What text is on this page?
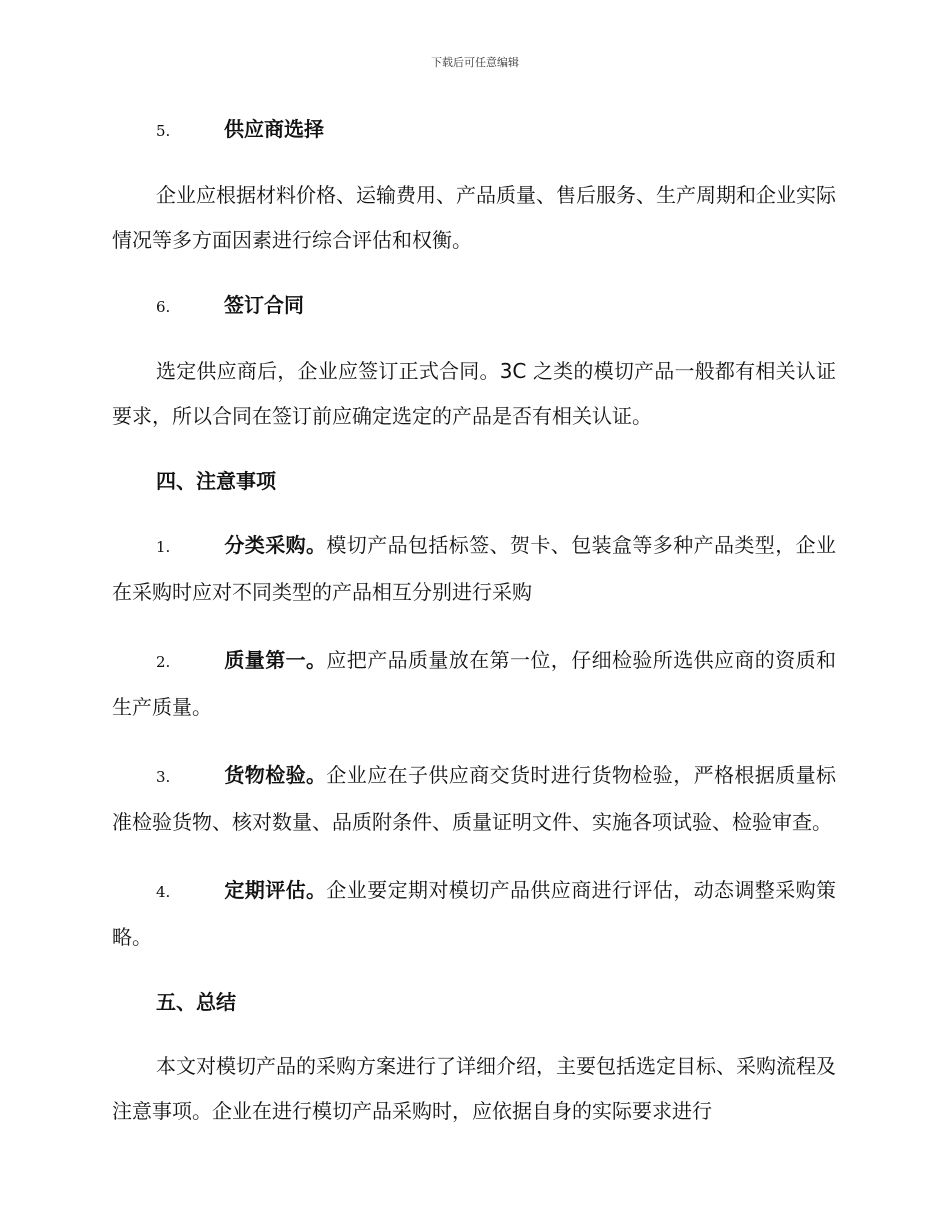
下载后可任意编辑
5.	供应商选择

企业应根据材料价格、运输费用、产品质量、售后服务、生产周期和企业实际情况等多方面因素进行综合评估和权衡。

6.	签订合同

选定供应商后，企业应签订正式合同。3C 之类的模切产品一般都有相关认证要求，所以合同在签订前应确定选定的产品是否有相关认证。

四、注意事项

1.	分类采购。模切产品包括标签、贺卡、包装盒等多种产品类型，企业在采购时应对不同类型的产品相互分别进行采购

2.	质量第一。应把产品质量放在第一位，仔细检验所选供应商的资质和生产质量。

3.	货物检验。企业应在子供应商交货时进行货物检验，严格根据质量标准检验货物、核对数量、品质附条件、质量证明文件、实施各项试验、检验审查。

4.	定期评估。企业要定期对模切产品供应商进行评估，动态调整采购策略。

五、总结

本文对模切产品的采购方案进行了详细介绍，主要包括选定目标、采购流程及注意事项。企业在进行模切产品采购时，应依据自身的实际要求进行
